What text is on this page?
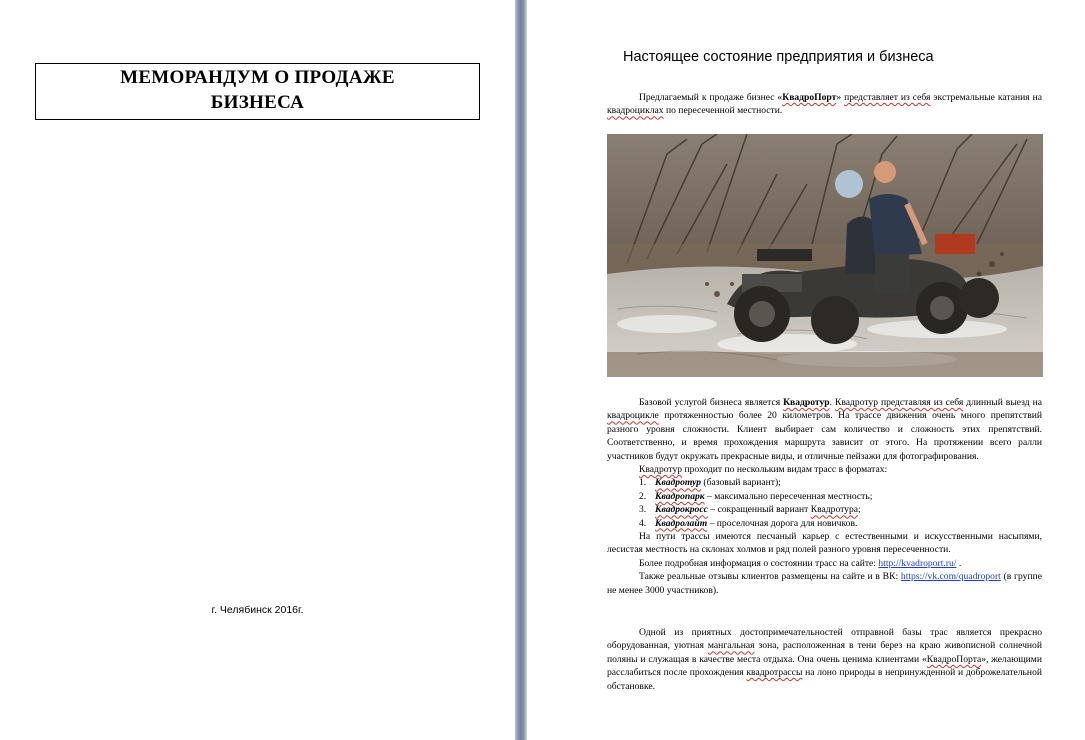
МЕМОРАНДУМ О ПРОДАЖЕ
БИЗНЕСА
г. Челябинск 2016г.
Настоящее состояние предприятия и бизнеса

Предлагаемый к продаже бизнес «КвадроПорт» представляет из себя экстремальные катания на квадроциклах по пересеченной местности.

Базовой услугой бизнеса является Квадротур. Квадротур представляя из себя длинный выезд на квадроцикле протяженностью более 20 километров. На трассе движения очень много препятствий разного уровня сложности. Клиент выбирает сам количество и сложность этих препятствий. Соответственно, и время прохождения маршрута зависит от этого. На протяжении всего ралли участников будут окружать прекрасные виды, и отличные пейзажи для фотографирования.

Квадротур проходит по нескольким видам трасс в форматах:

1. Квадротур (базовый вариант);
2. Квадропарк – максимально пересеченная местность;
3. Квадрокросс – сокращенный вариант Квадротура;
4. Квадролайт – проселочная дорога для новичков.

На пути трассы имеются песчаный карьер с естественными и искусственными насыпями, лесистая местность на склонах холмов и ряд полей разного уровня пересеченности.

Более подробная информация о состоянии трасс на сайте: http://kvadroport.ru/ .

Также реальные отзывы клиентов размещены на сайте и в ВК: https://vk.com/quadroport (в группе не менее 3000 участников).

Одной из приятных достопримечательностей отправной базы трас является прекрасно оборудованная, уютная мангальная зона, расположенная в тени берез на краю живописной солнечной поляны и служащая в качестве места отдыха. Она очень ценима клиентами «КвадроПорта», желающими расслабиться после прохождения квадротрассы на лоно природы в непринужденной и доброжелательной обстановке.
